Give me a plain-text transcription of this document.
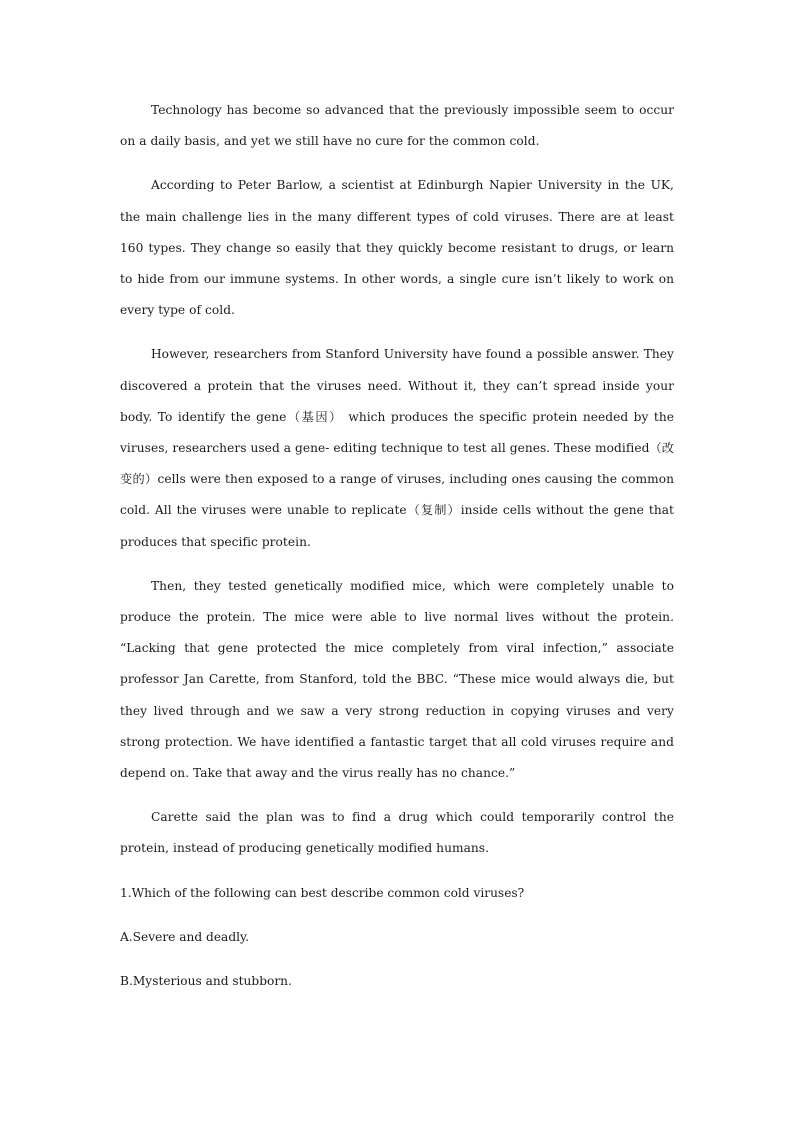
Technology has become so advanced that the previously impossible seem to occur on a daily basis, and yet we still have no cure for the common cold.

According to Peter Barlow, a scientist at Edinburgh Napier University in the UK, the main challenge lies in the many different types of cold viruses. There are at least 160 types. They change so easily that they quickly become resistant to drugs, or learn to hide from our immune systems. In other words, a single cure isn’t likely to work on every type of cold.

However, researchers from Stanford University have found a possible answer. They discovered a protein that the viruses need. Without it, they can’t spread inside your body. To identify the gene（基因） which produces the specific protein needed by the viruses, researchers used a gene- editing technique to test all genes. These modified（改变的）cells were then exposed to a range of viruses, including ones causing the common cold. All the viruses were unable to replicate（复制）inside cells without the gene that produces that specific protein.

Then, they tested genetically modified mice, which were completely unable to produce the protein. The mice were able to live normal lives without the protein. “Lacking that gene protected the mice completely from viral infection,” associate professor Jan Carette, from Stanford, told the BBC. “These mice would always die, but they lived through and we saw a very strong reduction in copying viruses and very strong protection. We have identified a fantastic target that all cold viruses require and depend on. Take that away and the virus really has no chance.”

Carette said the plan was to find a drug which could temporarily control the protein, instead of producing genetically modified humans.

1.Which of the following can best describe common cold viruses?

A.Severe and deadly.

B.Mysterious and stubborn.
